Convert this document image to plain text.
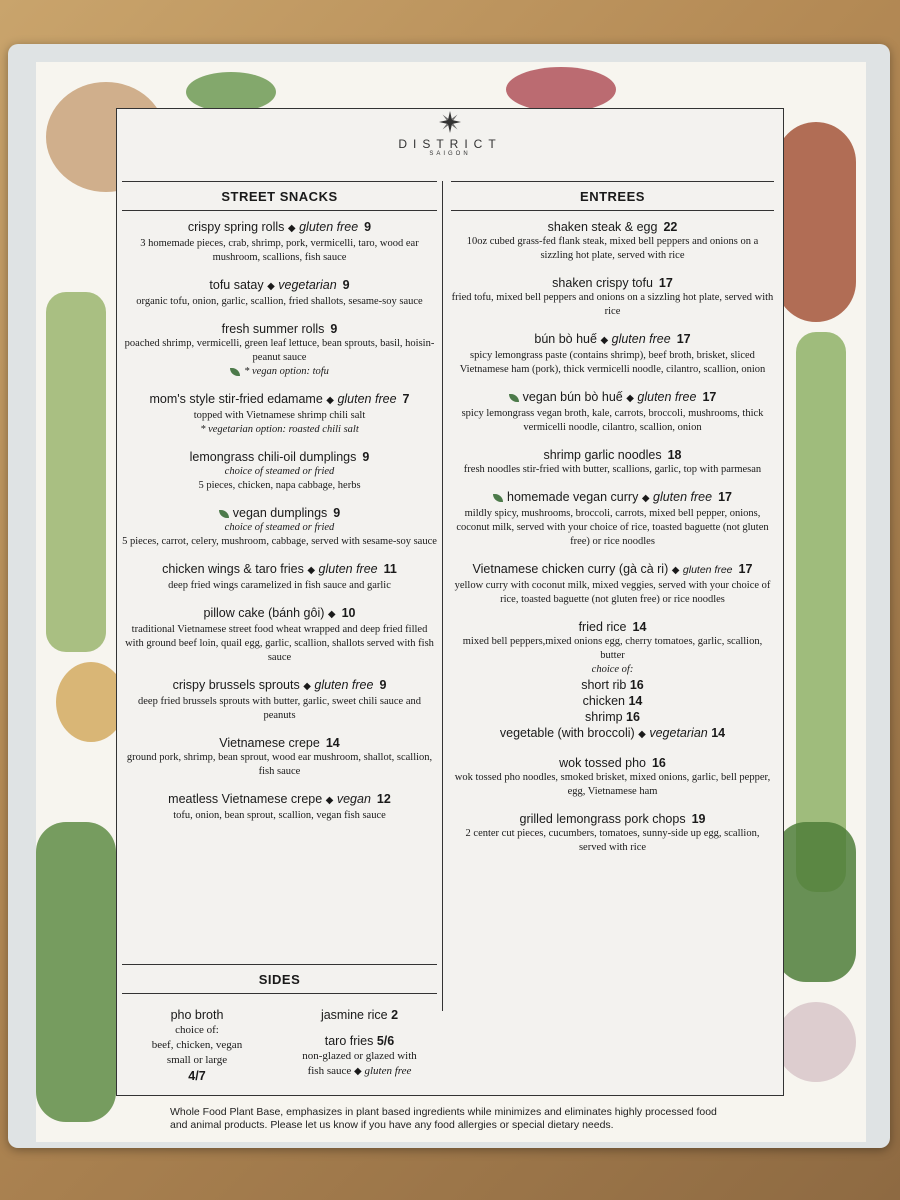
DISTRICT
SAIGON
STREET SNACKS
crispy spring rolls ◆ gluten free 9
3 homemade pieces, crab, shrimp, pork, vermicelli, taro, wood ear mushroom, scallions, fish sauce
tofu satay ◆ vegetarian 9
organic tofu, onion, garlic, scallion, fried shallots, sesame-soy sauce
fresh summer rolls 9
poached shrimp, vermicelli, green leaf lettuce, bean sprouts, basil, hoisin-peanut sauce
* vegan option: tofu
mom's style stir-fried edamame ◆ gluten free 7
topped with Vietnamese shrimp chili salt
* vegetarian option: roasted chili salt
lemongrass chili-oil dumplings 9
choice of steamed or fried
5 pieces, chicken, napa cabbage, herbs
vegan dumplings 9
choice of steamed or fried
5 pieces, carrot, celery, mushroom, cabbage, served with sesame-soy sauce
chicken wings & taro fries ◆ gluten free 11
deep fried wings caramelized in fish sauce and garlic
pillow cake (bánh gôi) ◆ 10
traditional Vietnamese street food wheat wrapped and deep fried filled with ground beef loin, quail egg, garlic, scallion, shallots served with fish sauce
crispy brussels sprouts ◆ gluten free 9
deep fried brussels sprouts with butter, garlic, sweet chili sauce and peanuts
Vietnamese crepe 14
ground pork, shrimp, bean sprout, wood ear mushroom, shallot, scallion, fish sauce
meatless Vietnamese crepe ◆ vegan 12
tofu, onion, bean sprout, scallion, vegan fish sauce
SIDES
pho broth
choice of:
beef, chicken, vegan
small or large
4/7
jasmine rice 2
taro fries 5/6
non-glazed or glazed with
fish sauce ◆ gluten free
ENTREES
shaken steak & egg 22
10oz cubed grass-fed flank steak, mixed bell peppers and onions on a sizzling hot plate, served with rice
shaken crispy tofu 17
fried tofu, mixed bell peppers and onions on a sizzling hot plate, served with rice
bún bò huế ◆ gluten free 17
spicy lemongrass paste (contains shrimp), beef broth, brisket, sliced Vietnamese ham (pork), thick vermicelli noodle, cilantro, scallion, onion
vegan bún bò huế ◆ gluten free 17
spicy lemongrass vegan broth, kale, carrots, broccoli, mushrooms, thick vermicelli noodle, cilantro, scallion, onion
shrimp garlic noodles 18
fresh noodles stir-fried with butter, scallions, garlic, top with parmesan
homemade vegan curry ◆ gluten free 17
mildly spicy, mushrooms, broccoli, carrots, mixed bell pepper, onions, coconut milk, served with your choice of rice, toasted baguette (not gluten free) or rice noodles
Vietnamese chicken curry (gà cà ri) ◆ gluten free 17
yellow curry with coconut milk, mixed veggies, served with your choice of rice, toasted baguette (not gluten free) or rice noodles
fried rice 14
mixed bell peppers,mixed onions egg, cherry tomatoes, garlic, scallion, butter
choice of:
short rib 16
chicken 14
shrimp 16
vegetable (with broccoli) ◆ vegetarian 14
wok tossed pho 16
wok tossed pho noodles, smoked brisket, mixed onions, garlic, bell pepper, egg, Vietnamese ham
grilled lemongrass pork chops 19
2 center cut pieces, cucumbers, tomatoes, sunny-side up egg, scallion, served with rice
Whole Food Plant Base, emphasizes in plant based ingredients while minimizes and eliminates highly processed food and animal products. Please let us know if you have any food allergies or special dietary needs.
